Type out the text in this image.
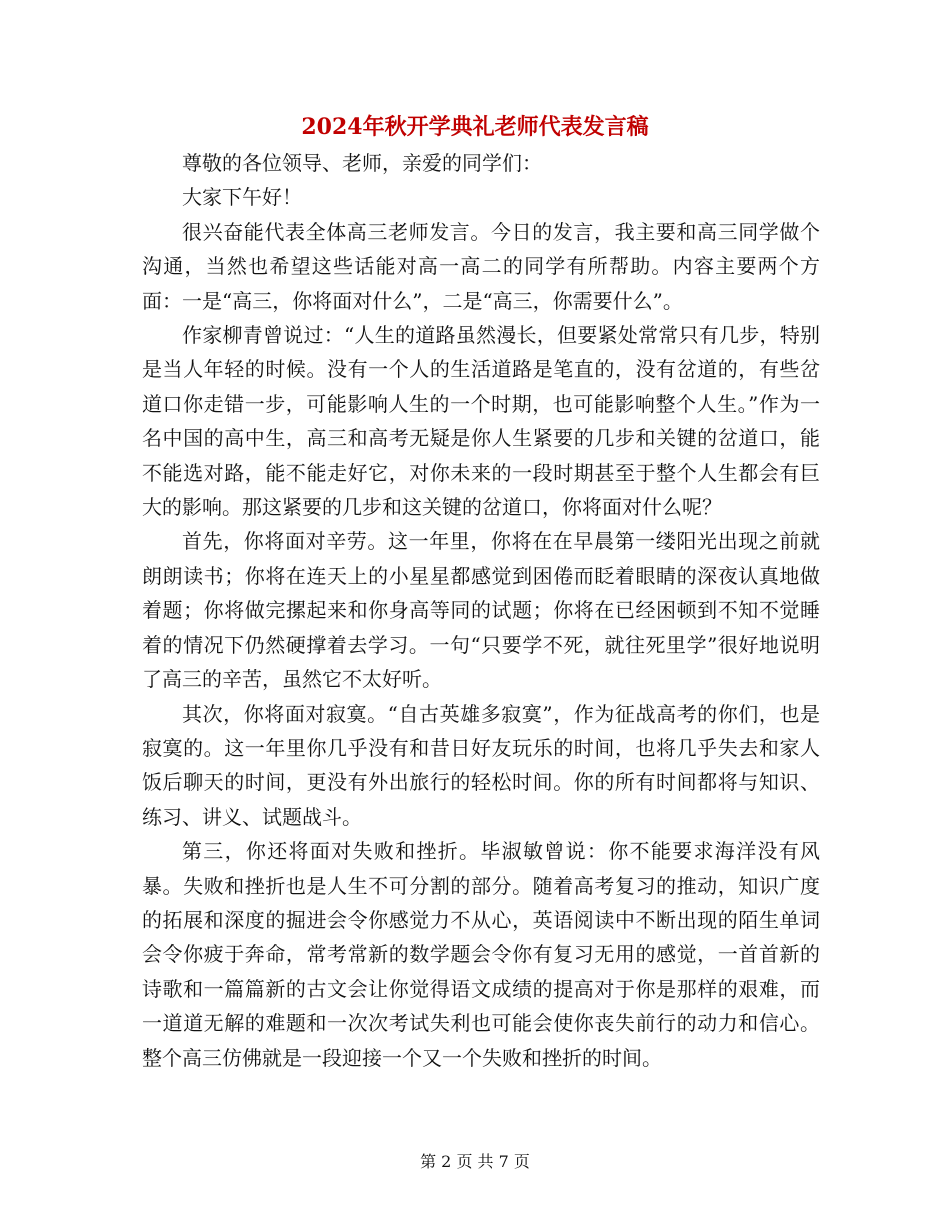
2024年秋开学典礼老师代表发言稿

尊敬的各位领导、老师，亲爱的同学们：

大家下午好！

很兴奋能代表全体高三老师发言。今日的发言，我主要和高三同学做个沟通，当然也希望这些话能对高一高二的同学有所帮助。内容主要两个方面：一是“高三，你将面对什么”，二是“高三，你需要什么”。

作家柳青曾说过：“人生的道路虽然漫长，但要紧处常常只有几步，特别是当人年轻的时候。没有一个人的生活道路是笔直的，没有岔道的，有些岔道口你走错一步，可能影响人生的一个时期，也可能影响整个人生。”作为一名中国的高中生，高三和高考无疑是你人生紧要的几步和关键的岔道口，能不能选对路，能不能走好它，对你未来的一段时期甚至于整个人生都会有巨大的影响。那这紧要的几步和这关键的岔道口，你将面对什么呢？

首先，你将面对辛劳。这一年里，你将在在早晨第一缕阳光出现之前就朗朗读书；你将在连天上的小星星都感觉到困倦而眨着眼睛的深夜认真地做着题；你将做完摞起来和你身高等同的试题；你将在已经困顿到不知不觉睡着的情况下仍然硬撑着去学习。一句“只要学不死，就往死里学”很好地说明了高三的辛苦，虽然它不太好听。

其次，你将面对寂寞。“自古英雄多寂寞”，作为征战高考的你们，也是寂寞的。这一年里你几乎没有和昔日好友玩乐的时间，也将几乎失去和家人饭后聊天的时间，更没有外出旅行的轻松时间。你的所有时间都将与知识、练习、讲义、试题战斗。

第三，你还将面对失败和挫折。毕淑敏曾说：你不能要求海洋没有风暴。失败和挫折也是人生不可分割的部分。随着高考复习的推动，知识广度的拓展和深度的掘进会令你感觉力不从心，英语阅读中不断出现的陌生单词会令你疲于奔命，常考常新的数学题会令你有复习无用的感觉，一首首新的诗歌和一篇篇新的古文会让你觉得语文成绩的提高对于你是那样的艰难，而一道道无解的难题和一次次考试失利也可能会使你丧失前行的动力和信心。整个高三仿佛就是一段迎接一个又一个失败和挫折的时间。

第 2 页 共 7 页
